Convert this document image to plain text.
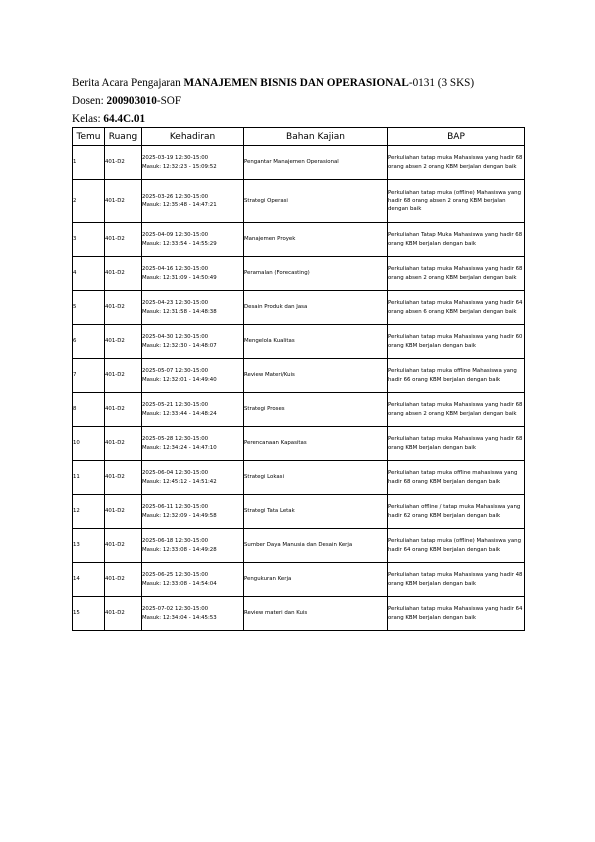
Berita Acara Pengajaran MANAJEMEN BISNIS DAN OPERASIONAL-0131 (3 SKS)
Dosen: 200903010-SOF
Kelas: 64.4C.01
Temu	Ruang	Kehadiran	Bahan Kajian	BAP
1	401-D2	2025-03-19 12:30-15:00
Masuk: 12:32:23 - 15:09:52	Pengantar Manajemen Operasional	Perkuliahan tatap muka Mahasiswa yang hadir 68 orang absen 2 orang KBM berjalan dengan baik
2	401-D2	2025-03-26 12:30-15:00
Masuk: 12:35:48 - 14:47:21	Strategi Operasi	Perkuliahan tatap muka (offline) Mahasiswa yang hadir 68 orang absen 2 orang KBM berjalan dengan baik
3	401-D2	2025-04-09 12:30-15:00
Masuk: 12:33:54 - 14:55:29	Manajemen Proyek	Perkuliahan Tatap Muka Mahasiswa yang hadir 68 orang KBM berjalan dengan baik
4	401-D2	2025-04-16 12:30-15:00
Masuk: 12:31:09 - 14:50:49	Peramalan (Forecasting)	Perkuliahan tatap muka Mahasiswa yang hadir 68 orang absen 2 orang KBM berjalan dengan baik
5	401-D2	2025-04-23 12:30-15:00
Masuk: 12:31:58 - 14:48:38	Desain Produk dan Jasa	Perkuliahan tatap muka Mahasiswa yang hadir 64 orang absen 6 orang KBM berjalan dengan baik
6	401-D2	2025-04-30 12:30-15:00
Masuk: 12:32:30 - 14:48:07	Mengelola Kualitas	Perkuliahan tatap muka Mahasiswa yang hadir 60 orang KBM berjalan dengan baik
7	401-D2	2025-05-07 12:30-15:00
Masuk: 12:32:01 - 14:49:40	Review Materi/Kuis	Perkuliahan tatap muka offline Mahasiswa yang hadir 66 orang KBM berjalan dengan baik
8	401-D2	2025-05-21 12:30-15:00
Masuk: 12:33:44 - 14:48:24	Strategi Proses	Perkuliahan tatap muka Mahasiswa yang hadir 68 orang absen 2 orang KBM berjalan dengan baik
10	401-D2	2025-05-28 12:30-15:00
Masuk: 12:34:24 - 14:47:10	Perencanaan Kapasitas	Perkuliahan tatap muka Mahasiswa yang hadir 68 orang KBM berjalan dengan baik
11	401-D2	2025-06-04 12:30-15:00
Masuk: 12:45:12 - 14:51:42	Strategi Lokasi	Perkuliahan tatap muka offline mahasiswa yang hadir 68 orang KBM berjalan dengan baik
12	401-D2	2025-06-11 12:30-15:00
Masuk: 12:32:09 - 14:49:58	Strategi Tata Letak	Perkuliahan offline / tatap muka Mahasiswa yang hadir 62 orang KBM berjalan dengan baik
13	401-D2	2025-06-18 12:30-15:00
Masuk: 12:33:08 - 14:49:28	Sumber Daya Manusia dan Desain Kerja	Perkuliahan tatap muka (offline) Mahasiswa yang hadir 64 orang KBM berjalan dengan baik
14	401-D2	2025-06-25 12:30-15:00
Masuk: 12:33:08 - 14:54:04	Pengukuran Kerja	Perkuliahan tatap muka Mahasiswa yang hadir 48 orang KBM berjalan dengan baik
15	401-D2	2025-07-02 12:30-15:00
Masuk: 12:34:04 - 14:45:53	Review materi dan Kuis	Perkuliahan tatap muka Mahasiswa yang hadir 64 orang KBM berjalan dengan baik
